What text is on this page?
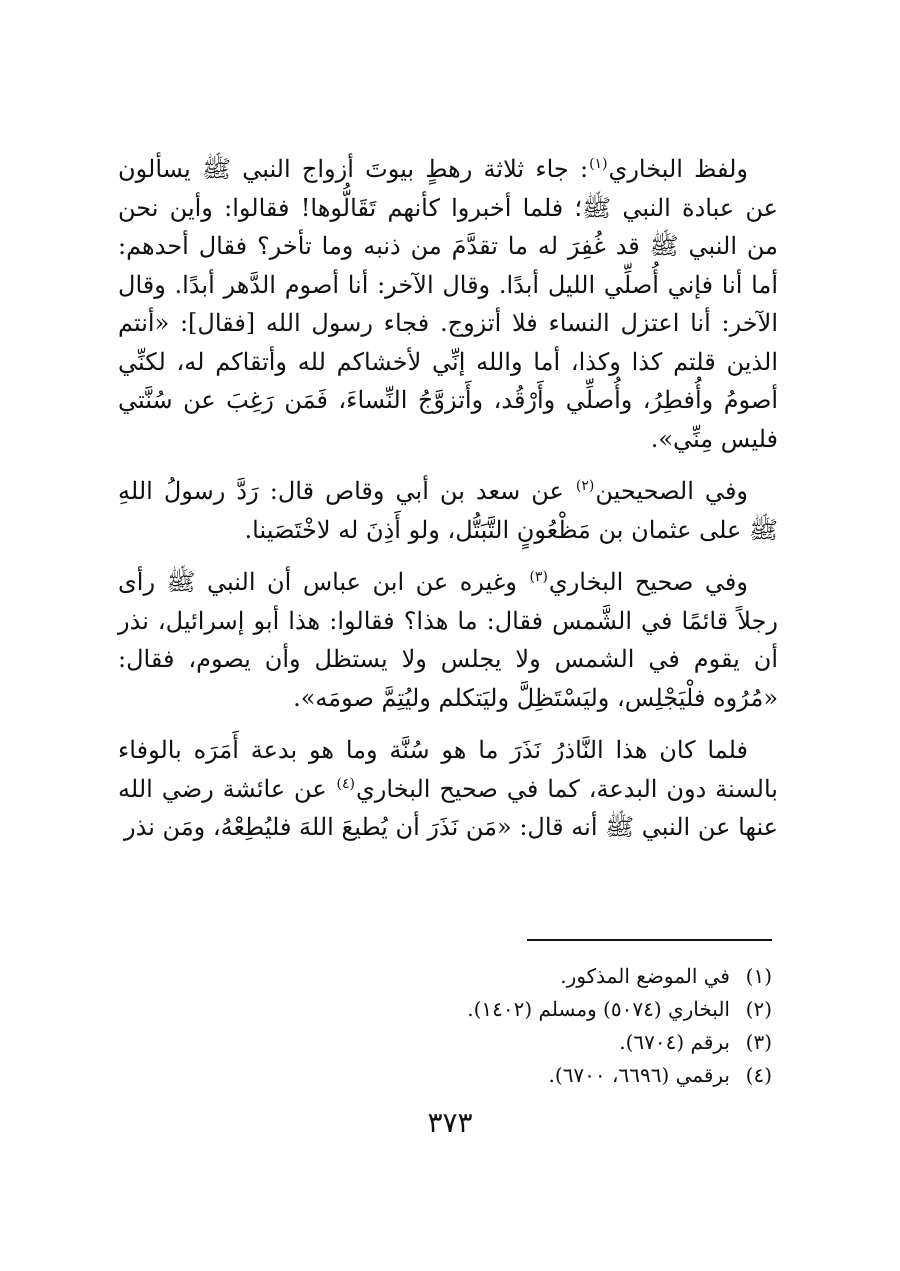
ولفظ البخاري$^{(١)}$: جاء ثلاثة رهطٍ بيوتَ أزواج النبي ﷺ يسألون عن عبادة النبي ﷺ؛ فلما أخبروا كأنهم تَقَالُّوها! فقالوا: وأين نحن من النبي ﷺ قد غُفِرَ له ما تقدَّمَ من ذنبه وما تأخر؟ فقال أحدهم: أما أنا فإني أُصلِّي الليل أبدًا. وقال الآخر: أنا أصوم الدَّهر أبدًا. وقال الآخر: أنا اعتزل النساء فلا أتزوج. فجاء رسول الله [فقال]: «أنتم الذين قلتم كذا وكذا، أما والله إنِّي لأخشاكم لله وأتقاكم له، لكنِّي أصومُ وأُفطِرُ، وأُصلِّي وأَرْقُد، وأَتزوَّجُ النِّساءَ، فَمَن رَغِبَ عن سُنَّتي فليس مِنِّي».

وفي الصحيحين$^{(٢)}$ عن سعد بن أبي وقاص قال: رَدَّ رسولُ اللهِ ﷺ على عثمان بن مَظْعُونٍ التَّبَتُّل، ولو أَذِنَ له لاخْتَصَينا.

وفي صحيح البخاري$^{(٣)}$ وغيره عن ابن عباس أن النبي ﷺ رأى رجلاً قائمًا في الشَّمس فقال: ما هذا؟ فقالوا: هذا أبو إسرائيل، نذر أن يقوم في الشمس ولا يجلس ولا يستظل وأن يصوم، فقال: «مُرُوه فلْيَجْلِس، وليَسْتَظِلَّ وليَتكلم وليُتِمَّ صومَه».

فلما كان هذا النَّاذرُ نَذَرَ ما هو سُنَّة وما هو بدعة أَمَرَه بالوفاء بالسنة دون البدعة، كما في صحيح البخاري$^{(٤)}$ عن عائشة رضي الله عنها عن النبي ﷺ أنه قال: «مَن نَذَرَ أن يُطيعَ اللهَ فليُطِعْهُ، ومَن نذر

(١)في الموضع المذكور.
(٢)البخاري (٥٠٧٤) ومسلم (١٤٠٢).
(٣)برقم (٦٧٠٤).
(٤)برقمي (٦٦٩٦، ٦٧٠٠).
٣٧٣
